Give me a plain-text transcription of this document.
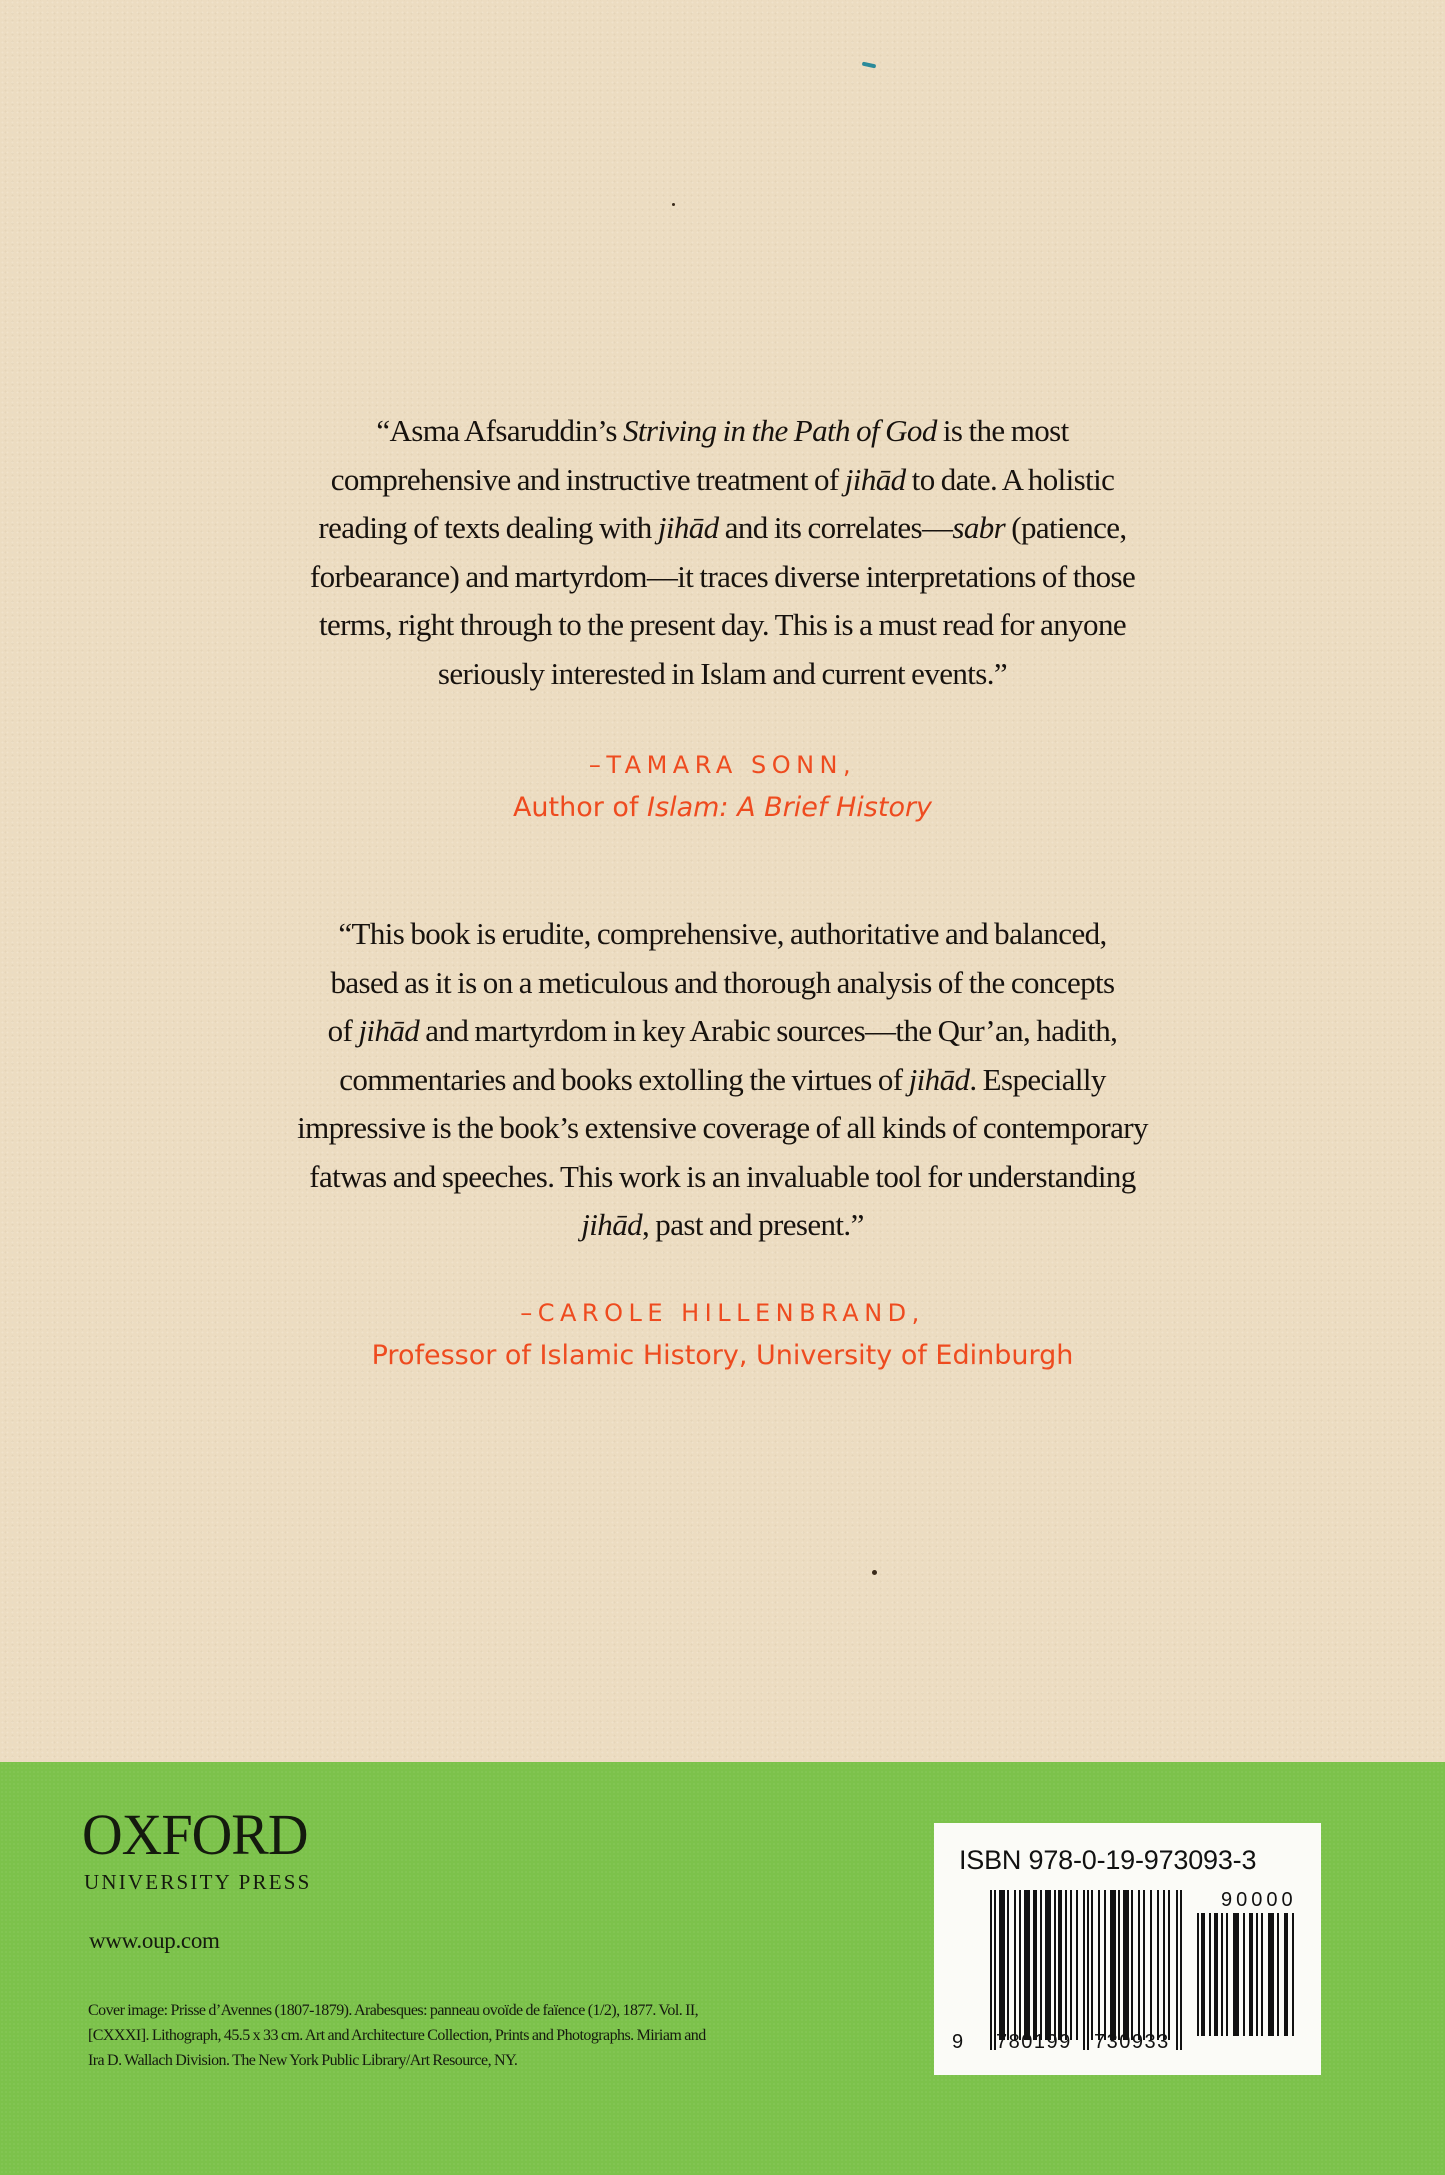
“Asma Afsaruddin’s Striving in the Path of God is the most
comprehensive and instructive treatment of jihād to date. A holistic
reading of texts dealing with jihād and its correlates—sabr (patience,
forbearance) and martyrdom—it traces diverse interpretations of those
terms, right through to the present day. This is a must read for anyone
seriously interested in Islam and current events.”
–TAMARA SONN,
Author of Islam: A Brief History
“This book is erudite, comprehensive, authoritative and balanced,
based as it is on a meticulous and thorough analysis of the concepts
of jihād and martyrdom in key Arabic sources—the Qur’an, hadith,
commentaries and books extolling the virtues of jihād. Especially
impressive is the book’s extensive coverage of all kinds of contemporary
fatwas and speeches. This work is an invaluable tool for understanding
jihād, past and present.”
–CAROLE HILLENBRAND,
Professor of Islamic History, University of Edinburgh
OXFORD
UNIVERSITY PRESS
www.oup.com
Cover image: Prisse d’Avennes (1807-1879). Arabesques: panneau ovoïde de faïence (1/2), 1877. Vol. II,
[CXXXI]. Lithograph, 45.5 x 33 cm. Art and Architecture Collection, Prints and Photographs. Miriam and
Ira D. Wallach Division. The New York Public Library/Art Resource, NY.
ISBN 978-0-19-973093-3
9 780199 730933
90000
